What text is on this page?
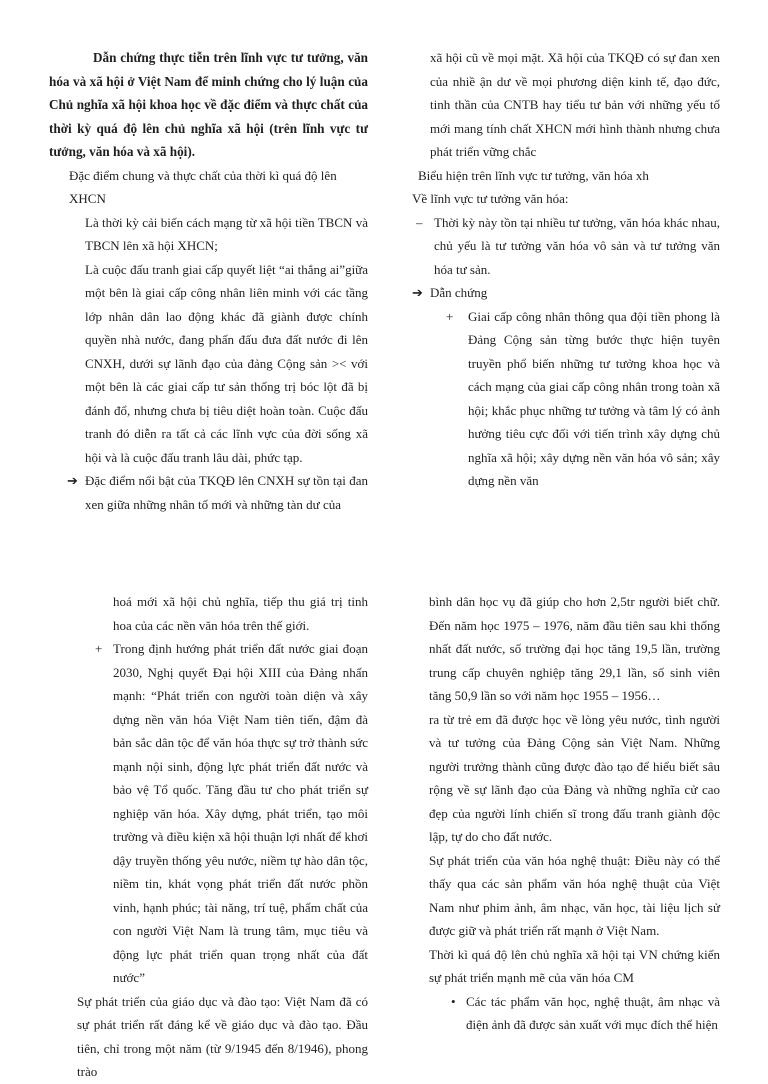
Dẫn chứng thực tiễn trên lĩnh vực tư tưởng, văn hóa và xã hội ở Việt Nam để minh chứng cho lý luận của Chủ nghĩa xã hội khoa học về đặc điểm và thực chất của thời kỳ quá độ lên chủ nghĩa xã hội (trên lĩnh vực tư tưởng, văn hóa và xã hội).

Đặc điểm chung và thực chất của thời kì quá độ lên XHCN

Là thời kỳ cải biến cách mạng từ xã hội tiền TBCN và TBCN lên xã hội XHCN;

Là cuộc đấu tranh giai cấp quyết liệt “ai thắng ai”giữa một bên là giai cấp công nhân liên minh với các tầng lớp nhân dân lao động khác đã giành được chính quyền nhà nước, đang phấn đấu đưa đất nước đi lên CNXH, dưới sự lãnh đạo của đảng Cộng sản >< với một bên là các giai cấp tư sản thống trị bóc lột đã bị đánh đổ, nhưng chưa bị tiêu diệt hoàn toàn. Cuộc đấu tranh đó diễn ra tất cả các lĩnh vực của đời sống xã hội và là cuộc đấu tranh lâu dài, phức tạp.

➔ Đặc điểm nổi bật của TKQĐ lên CNXH sự tồn tại đan xen giữa những nhân tố mới và những tàn dư của

xã hội cũ về mọi mặt. Xã hội của TKQĐ có sự đan xen của nhiề ận dư về mọi phương diện kinh tế, đạo đức, tinh thần của CNTB hay tiểu tư bản với những yếu tố mới mang tính chất XHCN mới hình thành nhưng chưa phát triển vững chắc

Biểu hiện trên lĩnh vực tư tưởng, văn hóa xh

Về lĩnh vực tư tưởng văn hóa:

– Thời kỳ này tồn tại nhiều tư tưởng, văn hóa khác nhau, chủ yếu là tư tưởng văn hóa vô sản và tư tưởng văn hóa tư sản.
➔ Dẫn chứng
+	Giai cấp công nhân thông qua đội tiền phong là Đảng Cộng sản từng bước thực hiện tuyên truyền phổ biến những tư tưởng khoa học và cách mạng của giai cấp công nhân trong toàn xã hội; khắc phục những tư tưởng và tâm lý có ảnh hưởng tiêu cực đối với tiến trình xây dựng chủ nghĩa xã hội; xây dựng nền văn hóa vô sản; xây dựng nền văn

hoá mới xã hội chủ nghĩa, tiếp thu giá trị tinh hoa của các nền văn hóa trên thế giới.

+ Trong định hướng phát triển đất nước giai đoạn 2030, Nghị quyết Đại hội XIII của Đảng nhấn mạnh: “Phát triển con người toàn diện và xây dựng nền văn hóa Việt Nam tiên tiến, đậm đà bản sắc dân tộc để văn hóa thực sự trở thành sức mạnh nội sinh, động lực phát triển đất nước và bảo vệ Tổ quốc. Tăng đầu tư cho phát triển sự nghiệp văn hóa. Xây dựng, phát triển, tạo môi trường và điều kiện xã hội thuận lợi nhất để khơi dậy truyền thống yêu nước, niềm tự hào dân tộc, niềm tin, khát vọng phát triển đất nước phồn vinh, hạnh phúc; tài năng, trí tuệ, phẩm chất của con người Việt Nam là trung tâm, mục tiêu và động lực phát triển quan trọng nhất của đất nước”

Sự phát triển của giáo dục và đào tạo: Việt Nam đã có sự phát triển rất đáng kể về giáo dục và đào tạo. Đầu tiên, chỉ trong một năm (từ 9/1945 đến 8/1946), phong trào

bình dân học vụ đã giúp cho hơn 2,5tr người biết chữ. Đến năm học 1975 – 1976, năm đầu tiên sau khi thống nhất đất nước, số trường đại học tăng 19,5 lần, trường trung cấp chuyên nghiệp tăng 29,1 lần, số sinh viên tăng 50,9 lần so với năm học 1955 – 1956…

ra từ trẻ em đã được học về lòng yêu nước, tình người và tư tưởng của Đảng Cộng sản Việt Nam. Những người trưởng thành cũng được đào tạo để hiểu biết sâu rộng về sự lãnh đạo của Đảng và những nghĩa cử cao đẹp của người lính chiến sĩ trong đấu tranh giành độc lập, tự do cho đất nước.

Sự phát triển của văn hóa nghệ thuật: Điều này có thể thấy qua các sản phẩm văn hóa nghệ thuật của Việt Nam như phim ảnh, âm nhạc, văn học, tài liệu lịch sử được giữ và phát triển rất mạnh ở Việt Nam.

Thời kì quá độ lên chủ nghĩa xã hội tại VN chứng kiến sự phát triển mạnh mẽ của văn hóa CM

• Các tác phẩm văn học, nghệ thuật, âm nhạc và điện ảnh đã được sản xuất với mục đích thể hiện
